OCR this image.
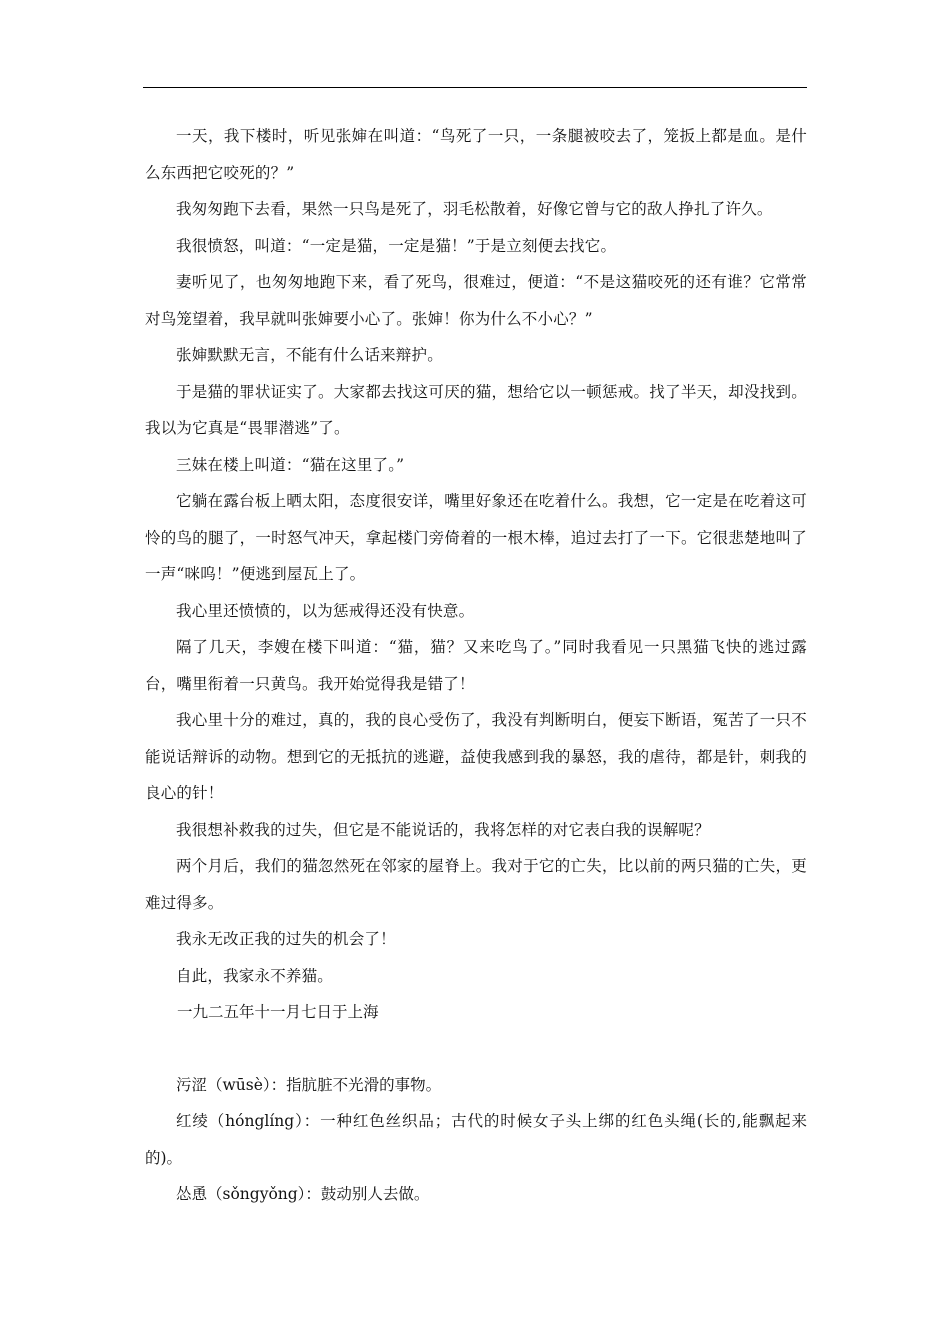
一天，我下楼时，听见张婶在叫道：“鸟死了一只，一条腿被咬去了，笼扳上都是血。是什么东西把它咬死的？”

我匆匆跑下去看，果然一只鸟是死了，羽毛松散着，好像它曾与它的敌人挣扎了许久。

我很愤怒，叫道：“一定是猫，一定是猫！”于是立刻便去找它。

妻听见了，也匆匆地跑下来，看了死鸟，很难过，便道：“不是这猫咬死的还有谁？它常常对鸟笼望着，我早就叫张婶要小心了。张婶！你为什么不小心？”

张婶默默无言，不能有什么话来辩护。

于是猫的罪状证实了。大家都去找这可厌的猫，想给它以一顿惩戒。找了半天，却没找到。我以为它真是“畏罪潜逃”了。

三妹在楼上叫道：“猫在这里了。”

它躺在露台板上晒太阳，态度很安详，嘴里好象还在吃着什么。我想，它一定是在吃着这可怜的鸟的腿了，一时怒气冲天，拿起楼门旁倚着的一根木棒，追过去打了一下。它很悲楚地叫了一声“咪呜！”便逃到屋瓦上了。

我心里还愤愤的，以为惩戒得还没有快意。

隔了几天，李嫂在楼下叫道：“猫，猫？又来吃鸟了。”同时我看见一只黑猫飞快的逃过露台，嘴里衔着一只黄鸟。我开始觉得我是错了！

我心里十分的难过，真的，我的良心受伤了，我没有判断明白，便妄下断语，冤苦了一只不能说话辩诉的动物。想到它的无抵抗的逃避，益使我感到我的暴怒，我的虐待，都是针，刺我的良心的针！

我很想补救我的过失，但它是不能说话的，我将怎样的对它表白我的误解呢？

两个月后，我们的猫忽然死在邻家的屋脊上。我对于它的亡失，比以前的两只猫的亡失，更难过得多。

我永无改正我的过失的机会了！

自此，我家永不养猫。

一九二五年十一月七日于上海

污涩（wūsè）：指肮脏不光滑的事物。

红绫（hónglíng）：一种红色丝织品；古代的时候女子头上绑的红色头绳(长的,能飘起来的)。

怂恿（sǒngyǒng）：鼓动别人去做。
